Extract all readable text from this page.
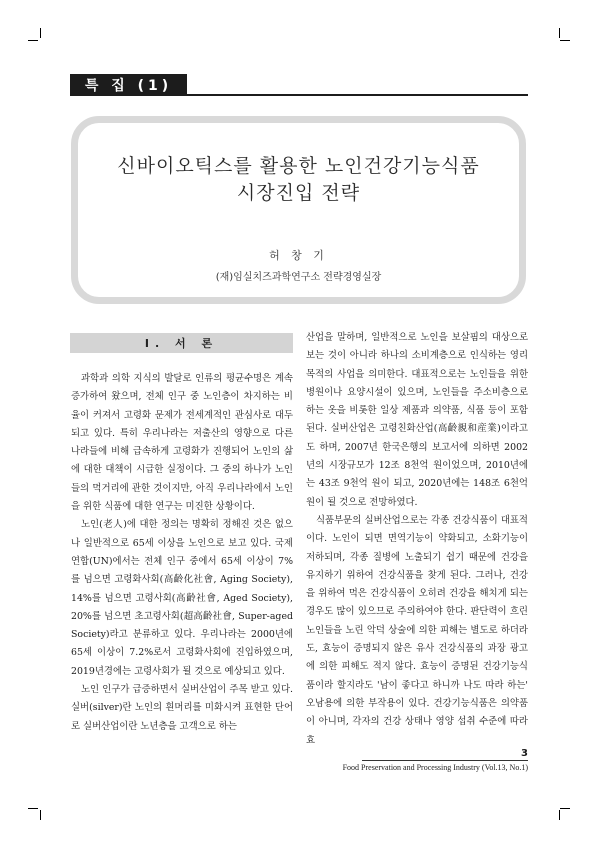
특 집 (1)
신바이오틱스를 활용한 노인건강기능식품
시장진입 전략
허 창 기
(재)임실치즈과학연구소 전략경영실장
Ⅰ. 서 론

과학과 의학 지식의 발달로 인류의 평균수명은 계속 증가하여 왔으며, 전체 인구 중 노인층이 차지하는 비율이 커져서 고령화 문제가 전세계적인 관심사로 대두되고 있다. 특히 우리나라는 저출산의 영향으로 다른 나라들에 비해 급속하게 고령화가 진행되어 노인의 삶에 대한 대책이 시급한 실정이다. 그 중의 하나가 노인들의 먹거리에 관한 것이지만, 아직 우리나라에서 노인을 위한 식품에 대한 연구는 미진한 상황이다.

노인(老人)에 대한 정의는 명확히 정해진 것은 없으나 일반적으로 65세 이상을 노인으로 보고 있다. 국제연합(UN)에서는 전체 인구 중에서 65세 이상이 7%를 넘으면 고령화사회(高齡化社會, Aging Society), 14%를 넘으면 고령사회(高齡社會, Aged Society), 20%를 넘으면 초고령사회(超高齡社會, Super-aged Society)라고 분류하고 있다. 우리나라는 2000년에 65세 이상이 7.2%로서 고령화사회에 진입하였으며, 2019년경에는 고령사회가 될 것으로 예상되고 있다.

노인 인구가 급증하면서 실버산업이 주목 받고 있다. 실버(silver)란 노인의 흰머리를 미화시켜 표현한 단어로 실버산업이란 노년층을 고객으로 하는

산업을 말하며, 일반적으로 노인을 보살핌의 대상으로 보는 것이 아니라 하나의 소비계층으로 인식하는 영리 목적의 사업을 의미한다. 대표적으로는 노인들을 위한 병원이나 요양시설이 있으며, 노인들을 주소비층으로 하는 옷을 비롯한 일상 제품과 의약품, 식품 등이 포함된다. 실버산업은 고령친화산업(高齡親和産業)이라고도 하며, 2007년 한국은행의 보고서에 의하면 2002년의 시장규모가 12조 8천억 원이었으며, 2010년에는 43조 9천억 원이 되고, 2020년에는 148조 6천억 원이 될 것으로 전망하였다.

식품부문의 실버산업으로는 각종 건강식품이 대표적이다. 노인이 되면 면역기능이 약화되고, 소화기능이 저하되며, 각종 질병에 노출되기 쉽기 때문에 건강을 유지하기 위하여 건강식품을 찾게 된다. 그러나, 건강을 위하여 먹은 건강식품이 오히려 건강을 해치게 되는 경우도 많이 있으므로 주의하여야 한다. 판단력이 흐린 노인들을 노린 악덕 상술에 의한 피해는 별도로 하더라도, 효능이 증명되지 않은 유사 건강식품의 과장 광고에 의한 피해도 적지 않다. 효능이 증명된 건강기능식품이라 할지라도 '남이 좋다고 하니까 나도 따라 하는' 오남용에 의한 부작용이 있다. 건강기능식품은 의약품이 아니며, 각자의 건강 상태나 영양 섭취 수준에 따라 효

3
Food Preservation and Processing Industry (Vol.13, No.1)
